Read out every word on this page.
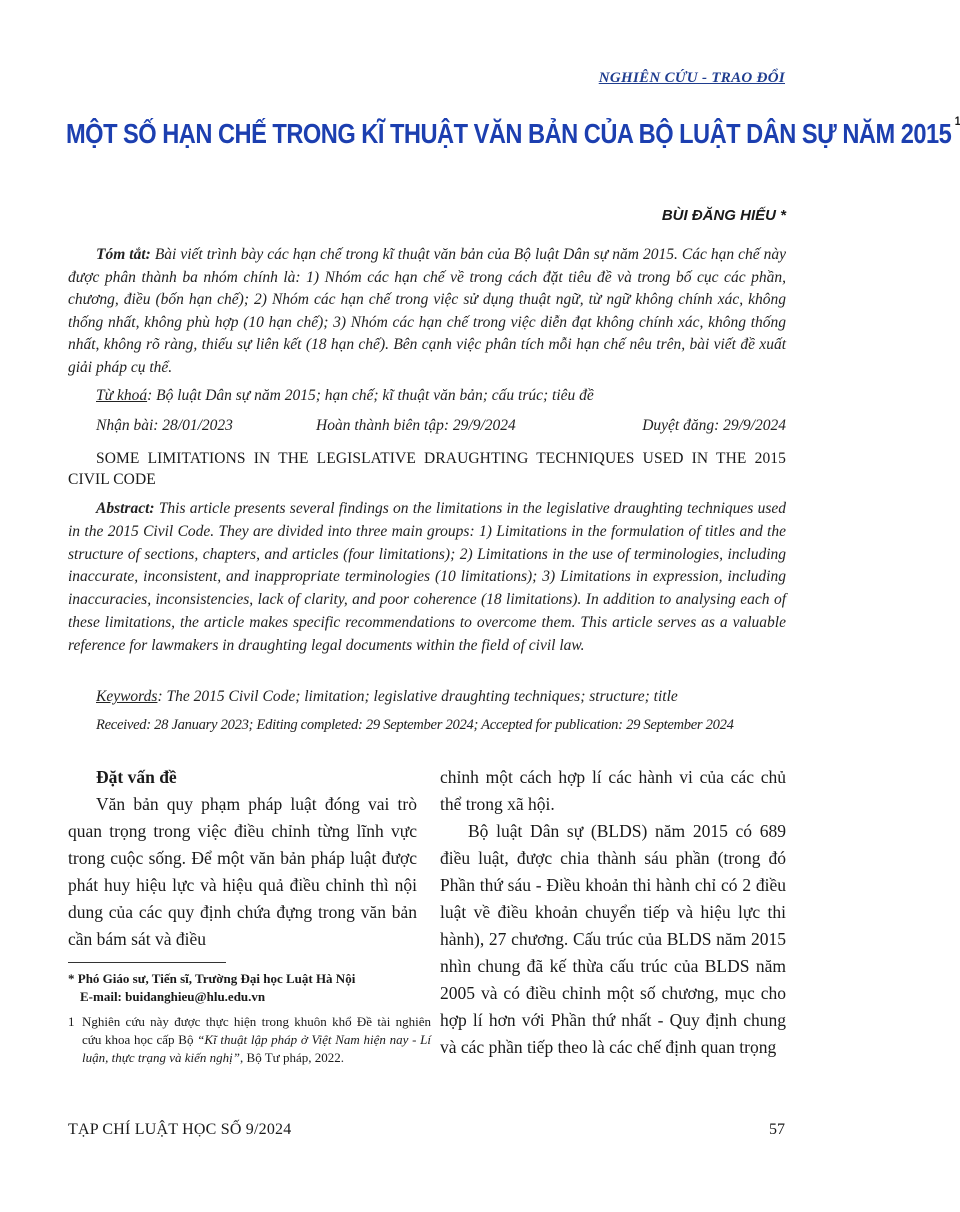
NGHIÊN CỨU - TRAO ĐỔI
MỘT SỐ HẠN CHẾ TRONG KĨ THUẬT VĂN BẢN CỦA BỘ LUẬT DÂN SỰ NĂM 2015 $^1$
BÙI ĐĂNG HIẾU *
Tóm tắt: Bài viết trình bày các hạn chế trong kĩ thuật văn bản của Bộ luật Dân sự năm 2015. Các hạn chế này được phân thành ba nhóm chính là: 1) Nhóm các hạn chế về trong cách đặt tiêu đề và trong bố cục các phần, chương, điều (bốn hạn chế); 2) Nhóm các hạn chế trong việc sử dụng thuật ngữ, từ ngữ không chính xác, không thống nhất, không phù hợp (10 hạn chế); 3) Nhóm các hạn chế trong việc diễn đạt không chính xác, không thống nhất, không rõ ràng, thiếu sự liên kết (18 hạn chế). Bên cạnh việc phân tích mỗi hạn chế nêu trên, bài viết đề xuất giải pháp cụ thể.
Từ khoá: Bộ luật Dân sự năm 2015; hạn chế; kĩ thuật văn bản; cấu trúc; tiêu đề
Nhận bài: 28/01/2023	Hoàn thành biên tập: 29/9/2024	Duyệt đăng: 29/9/2024
SOME LIMITATIONS IN THE LEGISLATIVE DRAUGHTING TECHNIQUES USED IN THE 2015 CIVIL CODE
Abstract: This article presents several findings on the limitations in the legislative draughting techniques used in the 2015 Civil Code. They are divided into three main groups: 1) Limitations in the formulation of titles and the structure of sections, chapters, and articles (four limitations); 2) Limitations in the use of terminologies, including inaccurate, inconsistent, and inappropriate terminologies (10 limitations); 3) Limitations in expression, including inaccuracies, inconsistencies, lack of clarity, and poor coherence (18 limitations). In addition to analysing each of these limitations, the article makes specific recommendations to overcome them. This article serves as a valuable reference for lawmakers in draughting legal documents within the field of civil law.
Keywords: The 2015 Civil Code; limitation; legislative draughting techniques; structure; title
Received: 28 January 2023; Editing completed: 29 September 2024; Accepted for publication: 29 September 2024

Đặt vấn đề

Văn bản quy phạm pháp luật đóng vai trò quan trọng trong việc điều chỉnh từng lĩnh vực trong cuộc sống. Để một văn bản pháp luật được phát huy hiệu lực và hiệu quả điều chỉnh thì nội dung của các quy định chứa đựng trong văn bản cần bám sát và điều

chỉnh một cách hợp lí các hành vi của các chủ thể trong xã hội.

Bộ luật Dân sự (BLDS) năm 2015 có 689 điều luật, được chia thành sáu phần (trong đó Phần thứ sáu - Điều khoản thi hành chỉ có 2 điều luật về điều khoản chuyển tiếp và hiệu lực thi hành), 27 chương. Cấu trúc của BLDS năm 2015 nhìn chung đã kế thừa cấu trúc của BLDS năm 2005 và có điều chỉnh một số chương, mục cho hợp lí hơn với Phần thứ nhất - Quy định chung và các phần tiếp theo là các chế định quan trọng

* Phó Giáo sư, Tiến sĩ, Trường Đại học Luật Hà Nội
E-mail: buidanghieu@hlu.edu.vn
1 Nghiên cứu này được thực hiện trong khuôn khổ Đề tài nghiên cứu khoa học cấp Bộ “Kĩ thuật lập pháp ở Việt Nam hiện nay - Lí luận, thực trạng và kiến nghị”, Bộ Tư pháp, 2022.
TẠP CHÍ LUẬT HỌC SỐ 9/2024	57
